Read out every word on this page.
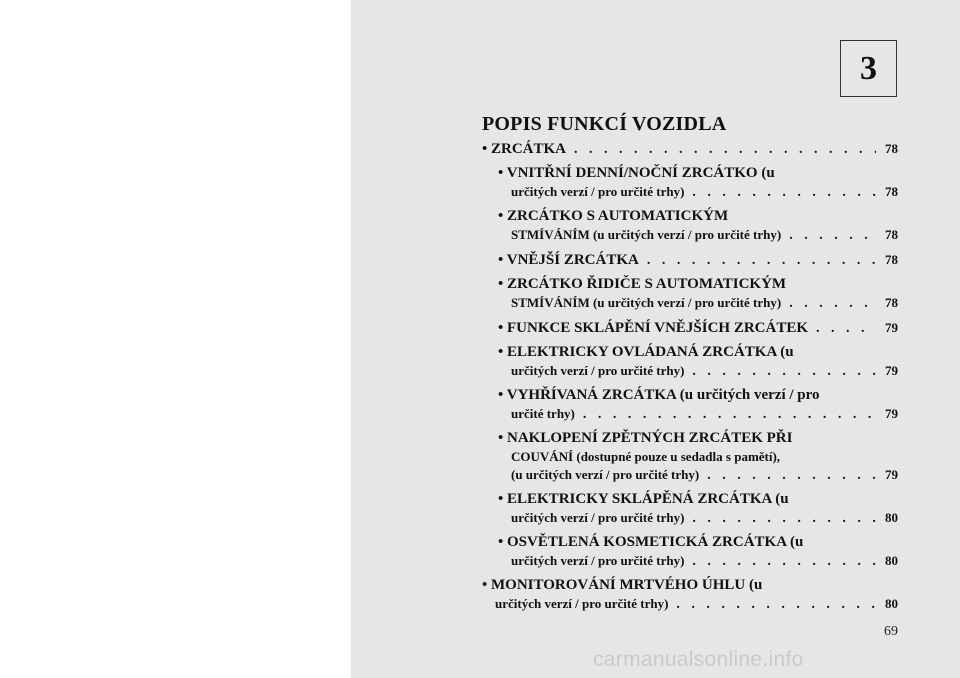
3
POPIS FUNKCÍ VOZIDLA
• ZRCÁTKA . . .	78
• VNITŘNÍ DENNÍ/NOČNÍ ZRCÁTKO (u
určitých verzí / pro určité trhy) . . .	78
• ZRCÁTKO S AUTOMATICKÝM
STMÍVÁNÍM (u určitých verzí / pro určité trhy) . . .	78
• VNĚJŠÍ ZRCÁTKA . . .	78
• ZRCÁTKO ŘIDIČE S AUTOMATICKÝM
STMÍVÁNÍM (u určitých verzí / pro určité trhy) . . .	78
• FUNKCE SKLÁPĚNÍ VNĚJŠÍCH ZRCÁTEK . . .	79
• ELEKTRICKY OVLÁDANÁ ZRCÁTKA (u
určitých verzí / pro určité trhy) . . .	79
• VYHŘÍVANÁ ZRCÁTKA (u určitých verzí / pro
určité trhy) . . .	79
• NAKLOPENÍ ZPĚTNÝCH ZRCÁTEK PŘI
COUVÁNÍ (dostupné pouze u sedadla s pamětí),
(u určitých verzí / pro určité trhy) . . .	79
• ELEKTRICKY SKLÁPĚNÁ ZRCÁTKA (u
určitých verzí / pro určité trhy) . . .	80
• OSVĚTLENÁ KOSMETICKÁ ZRCÁTKA (u
určitých verzí / pro určité trhy) . . .	80
• MONITOROVÁNÍ MRTVÉHO ÚHLU (u
určitých verzí / pro určité trhy) . . .	80
69
carmanualsonline.info
